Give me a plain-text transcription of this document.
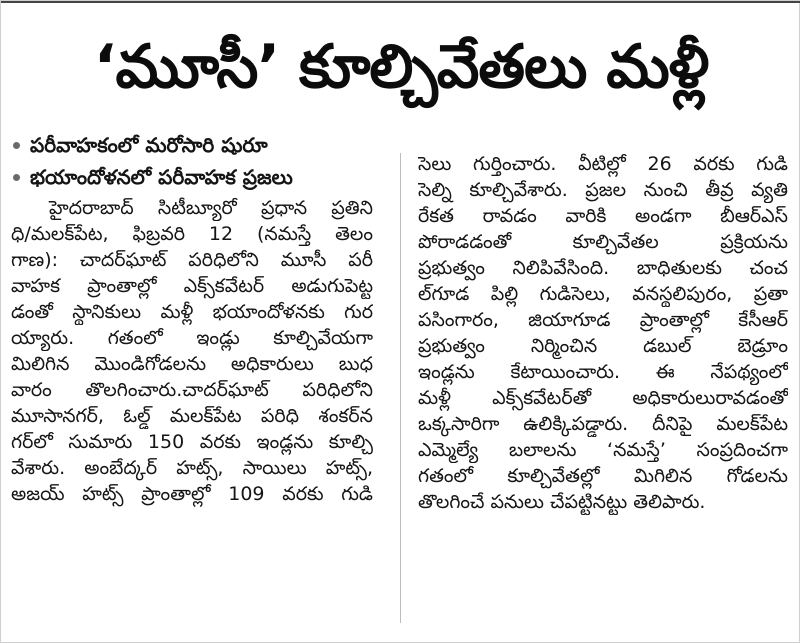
‘మూసీ’ కూల్చివేతలు మళ్లీ
పరీవాహకంలో మరోసారి షురూ
భయాందోళనలో పరీవాహక ప్రజలు
హైదరాబాద్ సిటీబ్యూరో ప్రధాన ప్రతిని
ధి/మలక్‌పేట, ఫిబ్రవరి 12 (నమస్తే తెలం
గాణ): చాదర్‌ఘాట్ పరిధిలోని మూసీ పరీ
వాహక ప్రాంతాల్లో ఎక్స్‌కవేటర్ అడుగుపెట్ట
డంతో స్థానికులు మళ్లీ భయాందోళనకు గుర
య్యారు. గతంలో ఇండ్లు కూల్చివేయగా
మిలిగిన మొండిగోడలను అధికారులు బుధ
వారం తొలగించారు.చాదర్‌ఘాట్ పరిధిలోని
మూసానగర్, ఓల్డ్ మలక్‌పేట పరిధి శంకర్‌న
గర్‌లో సుమారు 150 వరకు ఇండ్లను కూల్చి
వేశారు. అంబేద్కర్ హట్స్, సాయిలు హట్స్,
అజయ్ హట్స్ ప్రాంతాల్లో 109 వరకు గుడి
సెలు గుర్తించారు. వీటిల్లో 26 వరకు గుడి
సెల్ని కూల్చివేశారు. ప్రజల నుంచి తీవ్ర వ్యతి
రేకత రావడం వారికి అండగా బీఆర్ఎస్
పోరాడడంతో కూల్చివేతల ప్రక్రియను
ప్రభుత్వం నిలిపివేసింది. బాధితులకు చంచ
ల్‌గూడ పిల్లి గుడిసెలు, వనస్థలిపురం, ప్రతా
పసింగారం, జియాగూడ ప్రాంతాల్లో కేసీఆర్
ప్రభుత్వం నిర్మించిన డబుల్ బెడ్రూం
ఇండ్లను కేటాయించారు. ఈ నేపథ్యంలో
మళ్లీ ఎక్స్‌కవేటర్‌తో అధికారులురావడంతో
ఒక్కసారిగా ఉలిక్కిపడ్డారు. దీనిపై మలక్‌పేట
ఎమ్మెల్యే బలాలను ‘నమస్తే’ సంప్రదించగా
గతంలో కూల్చివేతల్లో మిగిలిన గోడలను
తొలగించే పనులు చేపట్టినట్టు తెలిపారు.
